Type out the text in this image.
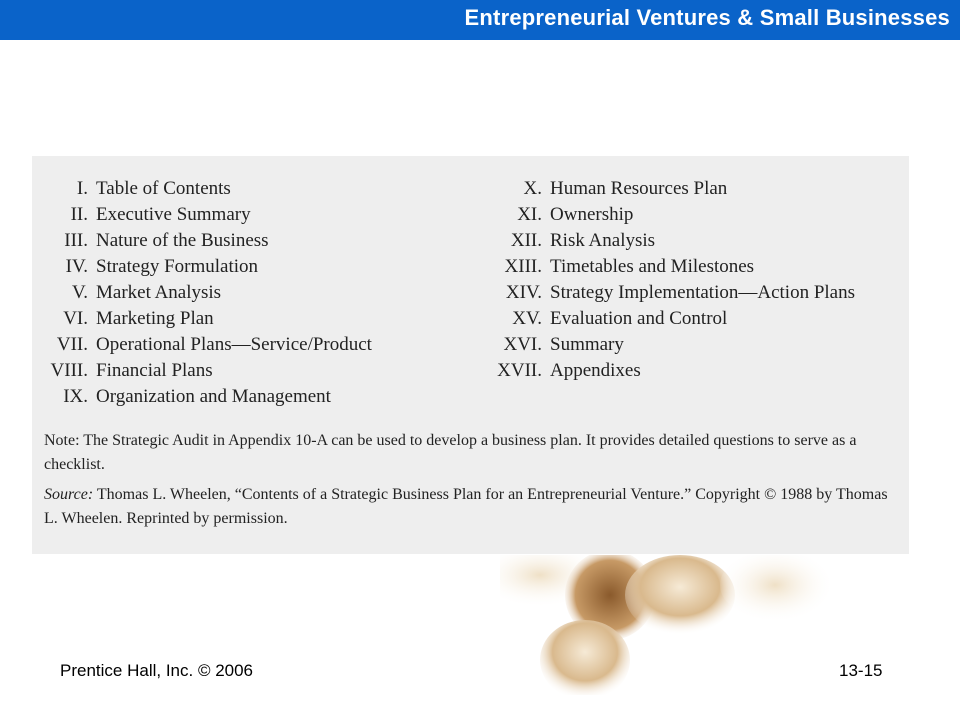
Entrepreneurial Ventures & Small Businesses
I. Table of Contents
II. Executive Summary
III. Nature of the Business
IV. Strategy Formulation
V. Market Analysis
VI. Marketing Plan
VII. Operational Plans—Service/Product
VIII. Financial Plans
IX. Organization and Management
X. Human Resources Plan
XI. Ownership
XII. Risk Analysis
XIII. Timetables and Milestones
XIV. Strategy Implementation—Action Plans
XV. Evaluation and Control
XVI. Summary
XVII. Appendixes
Note: The Strategic Audit in Appendix 10-A can be used to develop a business plan. It provides detailed questions to serve as a checklist.
Source: Thomas L. Wheelen, “Contents of a Strategic Business Plan for an Entrepreneurial Venture.” Copyright © 1988 by Thomas L. Wheelen. Reprinted by permission.
Prentice Hall, Inc. © 2006	13-15
